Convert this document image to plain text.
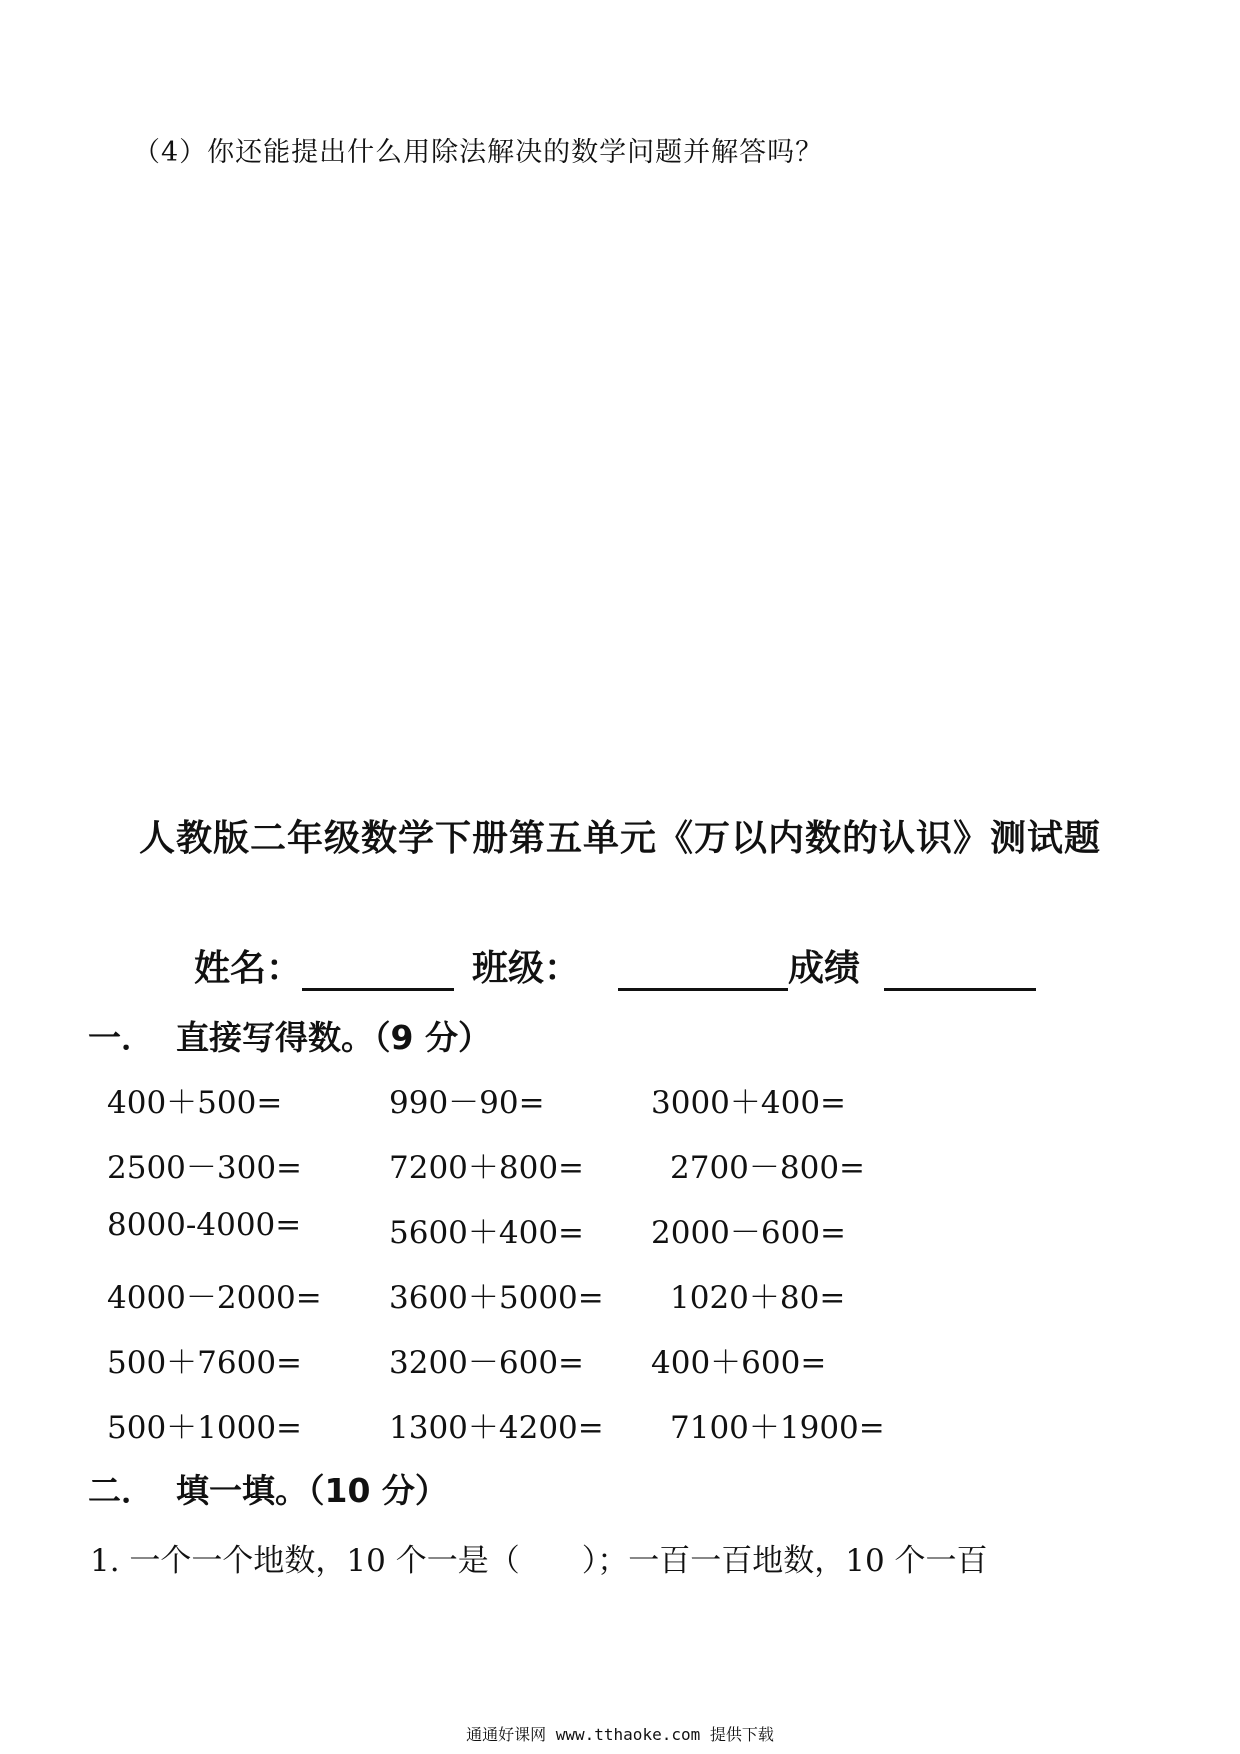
（4）你还能提出什么用除法解决的数学问题并解答吗？
人教版二年级数学下册第五单元《万以内数的认识》测试题
姓名：	班级：	成绩
一． 直接写得数。（9 分）
400＋500=	990－90=	3000＋400=
2500－300=	7200＋800=	2700－800=
8000-4000=	5600＋400= 2000－600=
4000－2000= 3600＋5000= 1020＋80=
500＋7600=	3200－600= 400＋600=
500＋1000=	1300＋4200= 7100＋1900=
二． 填一填。（10 分）
1. 一个一个地数，10 个一是（　　）；一百一百地数，10 个一百
通通好课网 www.tthaoke.com 提供下载
